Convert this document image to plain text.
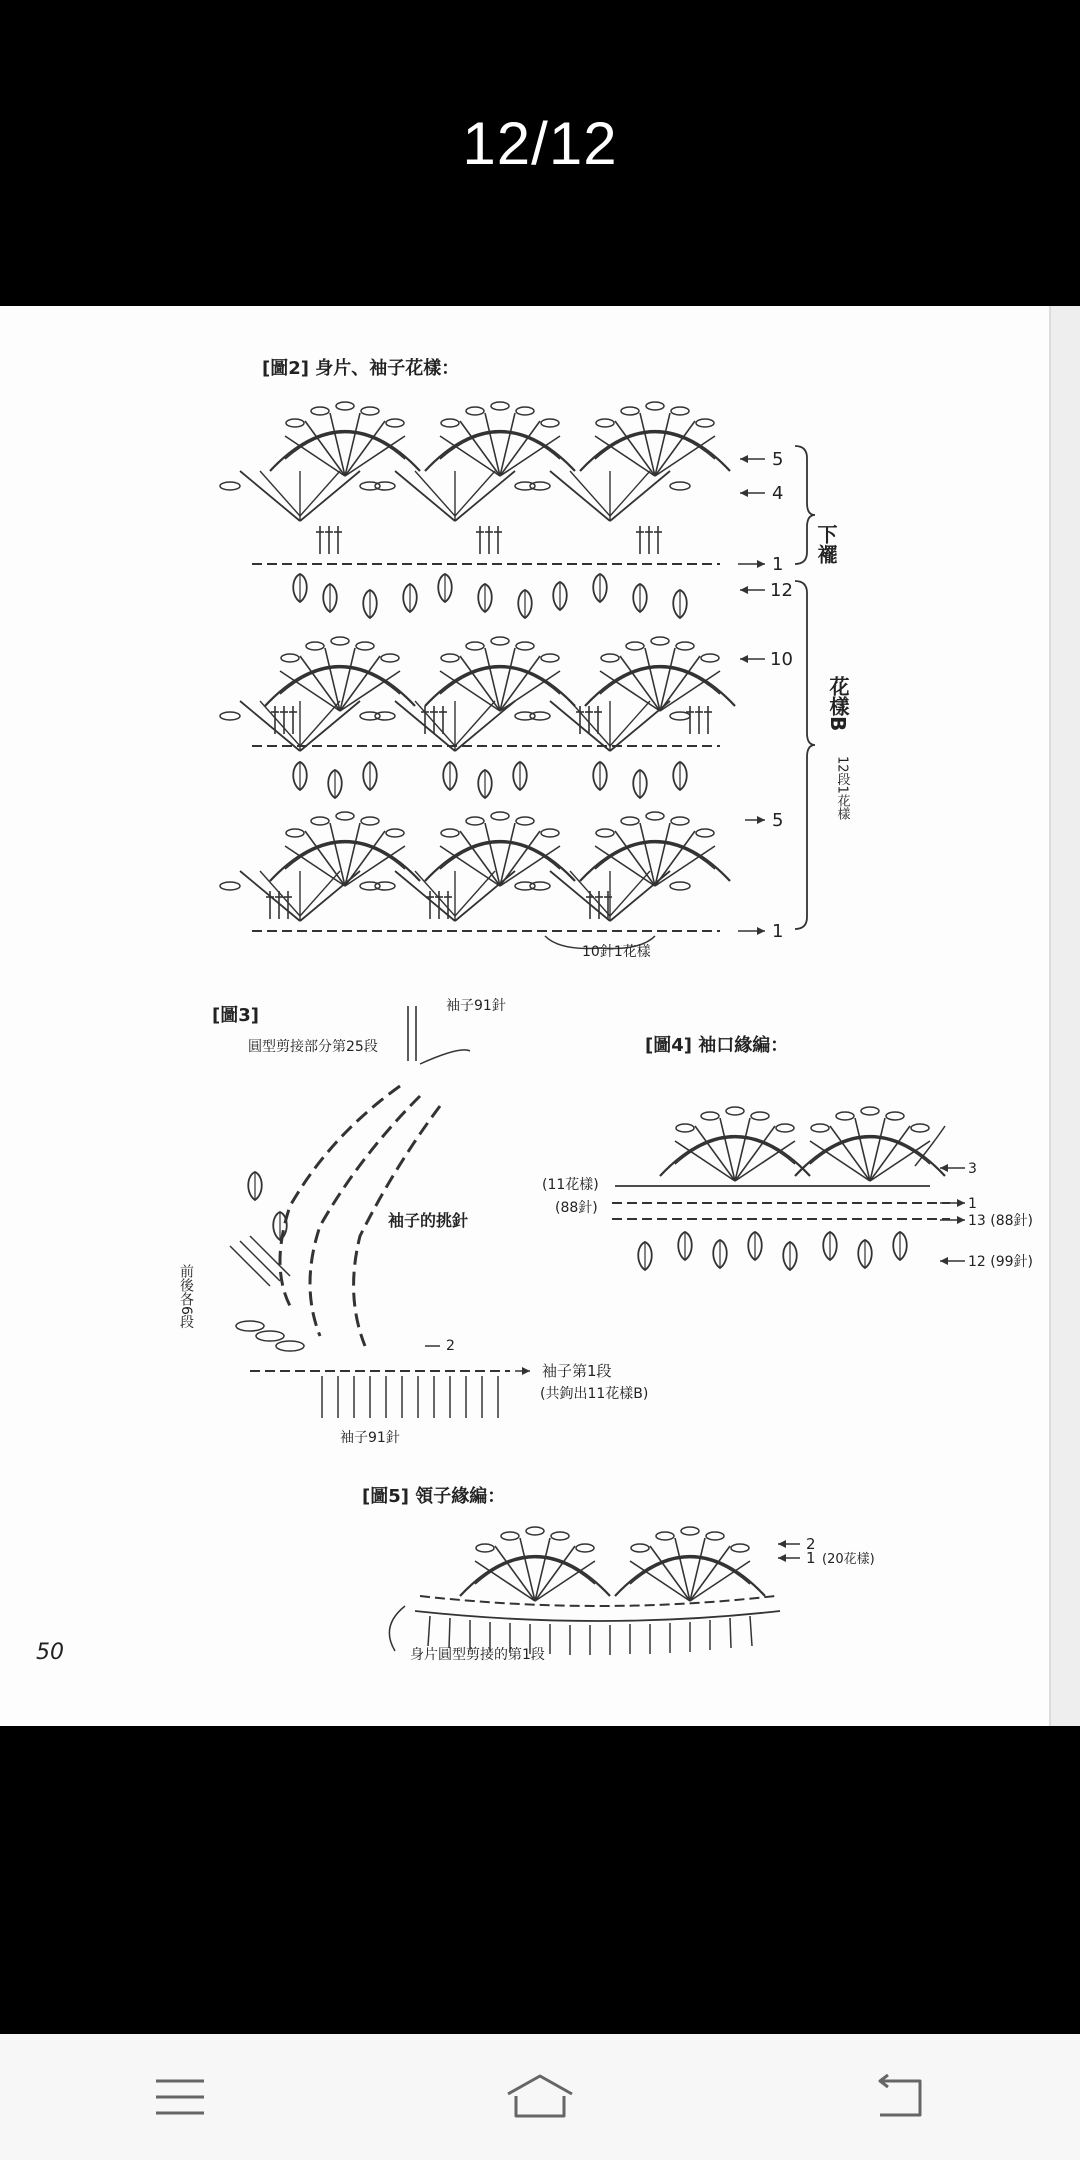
12/12
[圖2] 身片、袖子花樣：
5
4
1
12
10
5
1
下襬
花樣B
12段1花樣
10針1花樣
[圖3]	袖子91針
圓型剪接部分第25段
袖子的挑針
前後各6段
2
袖子第1段
(共鉤出11花樣B)
袖子91針
[圖4] 袖口緣編：
(11花樣)
(88針)
3
1
13 (88針)
12 (99針)
[圖5] 領子緣編：
2
1 (20花樣)
身片圓型剪接的第1段
50
